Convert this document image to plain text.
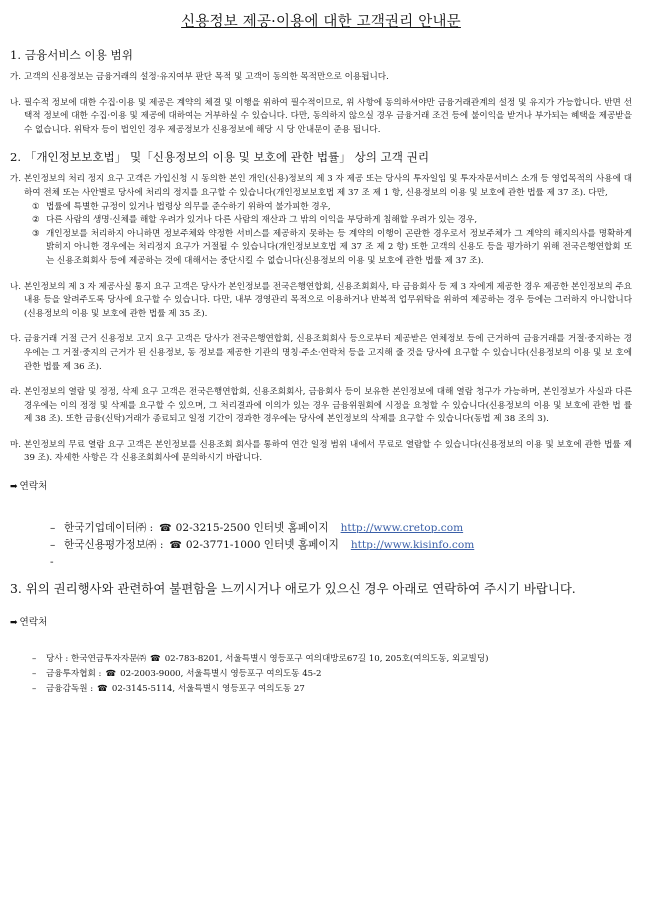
신용정보 제공·이용에 대한 고객권리 안내문
1. 금융서비스 이용 범위
가. 고객의 신용정보는 금융거래의 설정·유지여부 판단 목적 및 고객이 동의한 목적만으로 이용됩니다.
나. 필수적 정보에 대한 수집·이용 및 제공은 계약의 체결 및 이행을 위하여 필수적이므로, 위 사항에 동의하셔야만 금융거래관계의 설정 및 유지가 가능합니다. 반면 선택적 정보에 대한 수집·이용 및 제공에 대하여는 거부하실 수 있습니다. 다만, 동의하지 않으실 경우 금융거래 조건 등에 불이익을 받거나 부가되는 혜택을 제공받을 수 없습니다. 위탁자 등이 법인인 경우 제공정보가 신용정보에 해당 시 당 안내문이 준용 됩니다.
2. 「개인정보보호법」 및「신용정보의 이용 및 보호에 관한 법률」 상의 고객 권리
가. 본인정보의 처리 정지 요구 고객은 가입신청 시 동의한 본인 개인(신용)정보의 제 3 자 제공 또는 당사의 투자일임 및 투자자문서비스 소개 등 영업목적의 사용에 대하여 전체 또는 사안별로 당사에 처리의 정지를 요구할 수 있습니다(개인정보보호법 제 37 조 제 1 항, 신용정보의 이용 및 보호에 관한 법률 제 37 조). 다만,
① 법률에 특별한 규정이 있거나 법령상 의무를 준수하기 위하여 불가피한 경우,
② 다른 사람의 생명·신체를 해할 우려가 있거나 다른 사람의 재산과 그 밖의 이익을 부당하게 침해할 우려가 있는 경우,
③ 개인정보를 처리하지 아니하면 정보주체와 약정한 서비스를 제공하지 못하는 등 계약의 이행이 곤란한 경우로서 정보주체가 그 계약의 해지의사를 명확하게 밝히지 아니한 경우에는 처리정지 요구가 거절될 수 있습니다(개인정보보호법 제 37 조 제 2 항) 또한 고객의 신용도 등을 평가하기 위해 전국은행연합회 또는 신용조회회사 등에 제공하는 것에 대해서는 중단시킬 수 없습니다(신용정보의 이용 및 보호에 관한 법률 제 37 조).
나. 본인정보의 제 3 자 제공사실 통지 요구 고객은 당사가 본인정보를 전국은행연합회, 신용조회회사, 타 금융회사 등 제 3 자에게 제공한 경우 제공한 본인정보의 주요 내용 등을 알려주도록 당사에 요구할 수 있습니다. 다만, 내부 경영관리 목적으로 이용하거나 반복적 업무위탁을 위하여 제공하는 경우 등에는 그러하지 아니합니다(신용정보의 이용 및 보호에 관한 법률 제 35 조).
다. 금융거래 거절 근거 신용정보 고지 요구 고객은 당사가 전국은행연합회, 신용조회회사 등으로부터 제공받은 연체정보 등에 근거하여 금융거래를 거절·중지하는 경우에는 그 거절·중지의 근거가 된 신용정보, 동 정보를 제공한 기관의 명칭·주소·연락처 등을 고지해 줄 것을 당사에 요구할 수 있습니다(신용정보의 이용 및 보 호에 관한 법률 제 36 조).
라. 본인정보의 열람 및 정정, 삭제 요구 고객은 전국은행연합회, 신용조회회사, 금융회사 등이 보유한 본인정보에 대해 열람 청구가 가능하며, 본인정보가 사실과 다른 경우에는 이의 정정 및 삭제를 요구할 수 있으며, 그 처리결과에 이의가 있는 경우 금융위원회에 시정을 요청할 수 있습니다(신용정보의 이용 및 보호에 관한 법 률 제 38 조). 또한 금융(신탁)거래가 종료되고 일정 기간이 경과한 경우에는 당사에 본인정보의 삭제를 요구할 수 있습니다(동법 제 38 조의 3).
마. 본인정보의 무료 열람 요구 고객은 본인정보를 신용조회 회사를 통하여 연간 일정 범위 내에서 무료로 열람할 수 있습니다(신용정보의 이용 및 보호에 관한 법률 제 39 조). 자세한 사항은 각 신용조회회사에 문의하시기 바랍니다.
➡ 연락처
– 한국기업데이터㈜ : ☎ 02-3215-2500 인터넷 홈페이지 http://www.cretop.com
– 한국신용평가정보㈜ : ☎ 02-3771-1000 인터넷 홈페이지 http://www.kisinfo.com
-
3. 위의 권리행사와 관련하여 불편함을 느끼시거나 애로가 있으신 경우 아래로 연락하여 주시기 바랍니다.
➡ 연락처
–	당사 : 한국연금투자자문㈜ ☎ 02-783-8201, 서울특별시 영등포구 여의대방로67길 10, 205호(여의도동, 외교빌딩)
–	금융투자협회 : ☎ 02-2003-9000, 서울특별시 영등포구 여의도동 45-2
–	금융감독원 : ☎ 02-3145-5114, 서울특별시 영등포구 여의도동 27
